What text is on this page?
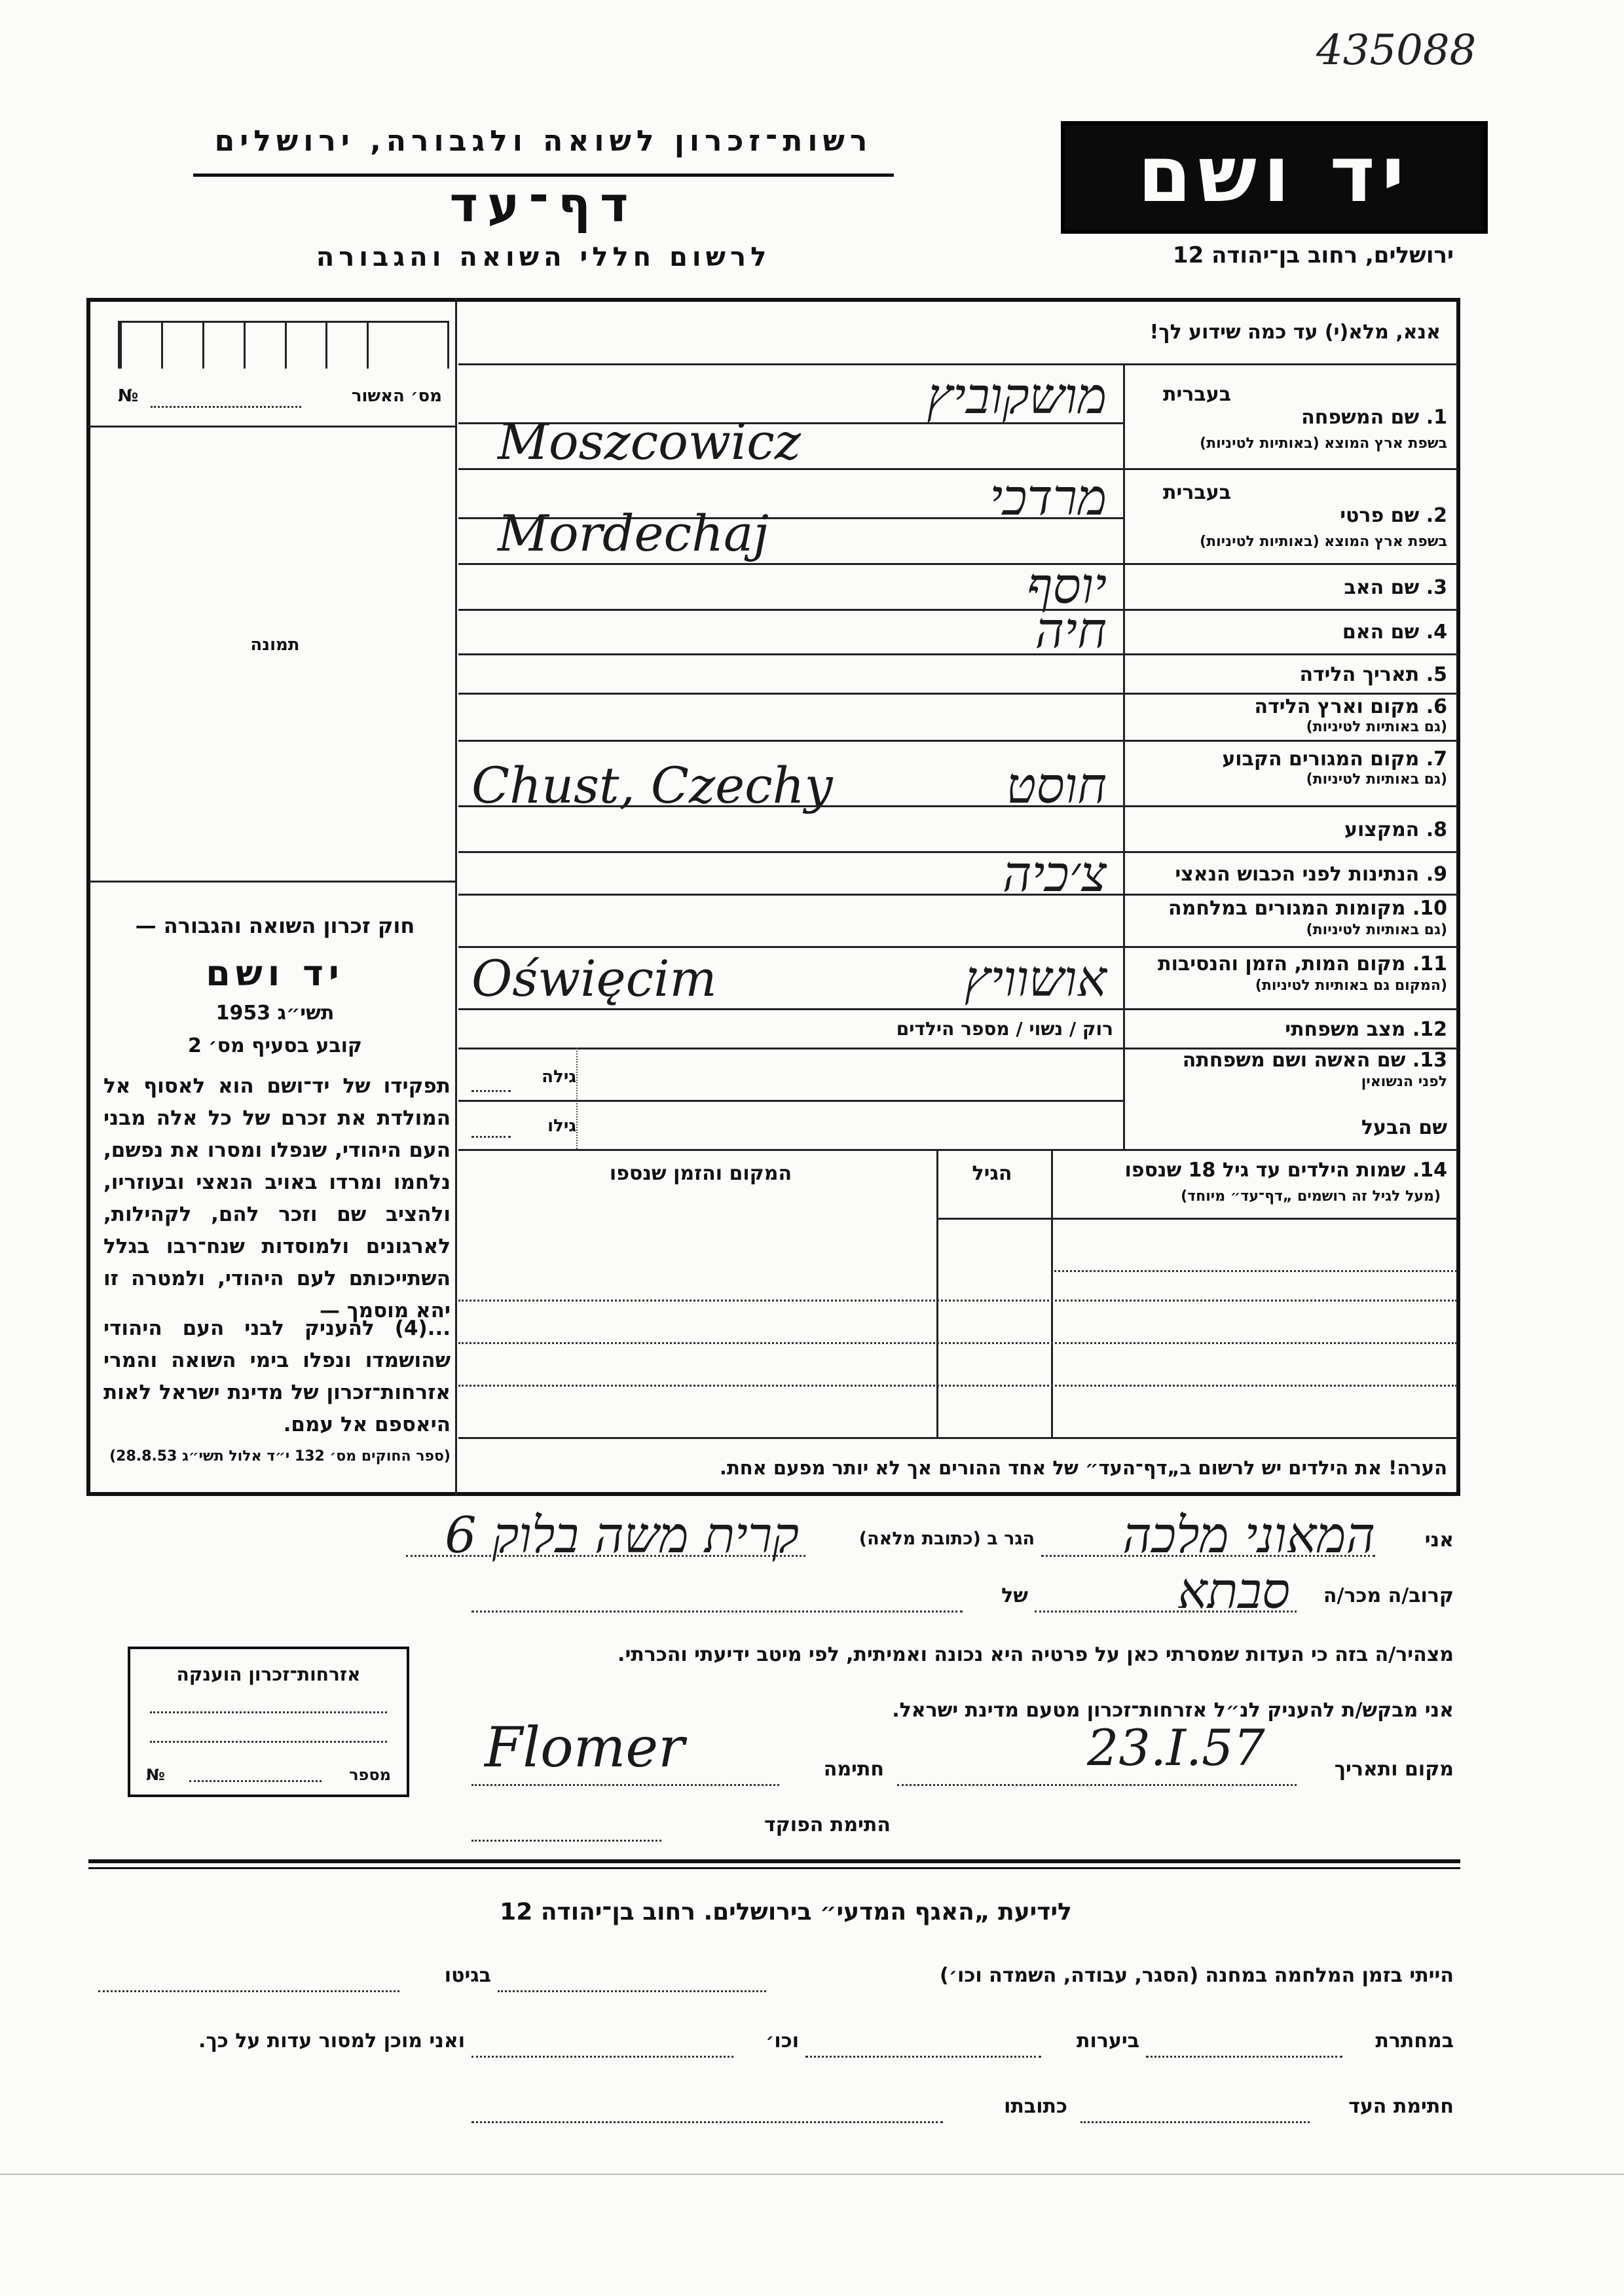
435088
רשות־זכרון לשואה ולגבורה, ירושלים
דף־עד
לרשום חללי השואה והגבורה
יד ושם
ירושלים, רחוב בן־יהודה 12
אנא, מלא(י) עד כמה שידוע לך!
מס׳ האשור
№
תמונה
חוק זכרון השואה והגבורה —
יד ושם
תשי״ג 1953
קובע בסעיף מס׳ 2
תפקידו של יד־ושם הוא לאסוף אל המולדת את זכרם של כל אלה מבני העם היהודי, שנפלו ומסרו את נפשם, נלחמו ומרדו באויב הנאצי ובעוזריו, ולהציב שם וזכר להם, לקהילות, לארגונים ולמוסדות שנח־רבו בגלל השתייכותם לעם היהודי, ולמטרה זו יהא מוסמך —
...(4) להעניק לבני העם היהודי שהושמדו ונפלו בימי השואה והמרי אזרחות־זכרון של מדינת ישראל לאות היאספם אל עמם.
(ספר החוקים מס׳ 132 י״ד אלול תשי״ג 28.8.53)
בעברית
1. שם המשפחה
בשפת ארץ המוצא (באותיות לטיניות)
מושקוביץ
Moszcowicz
בעברית
2. שם פרטי
בשפת ארץ המוצא (באותיות לטיניות)
מרדכי
Mordechaj
3. שם האב
יוסף
4. שם האם
חיה
5. תאריך הלידה
6. מקום וארץ הלידה
(גם באותיות לטיניות)
7. מקום המגורים הקבוע
(גם באותיות לטיניות)
חוסט
Chust, Czechy
8. המקצוע
9. הנתינות לפני הכבוש הנאצי
צ׳כיה
10. מקומות המגורים במלחמה
(גם באותיות לטיניות)
11. מקום המות, הזמן והנסיבות
(המקום גם באותיות לטיניות)
אושוויץ
Oświęcim
12. מצב משפחתי
רוק / נשוי / מספר הילדים
13. שם האשה ושם משפחתה
לפני הנשואין
גילה
שם הבעל
גילו
14. שמות הילדים עד גיל 18 שנספו
(מעל לגיל זה רושמים „דף־עד״ מיוחד)
הגיל
המקום והזמן שנספו
הערה! את הילדים יש לרשום ב„דף־העד״ של אחד ההורים אך לא יותר מפעם אחת.
אני
המאוני מלכה
הגר ב (כתובת מלאה)
קרית משה בלוק 6
קרוב/ה מכר/ה
סבתא
של
מצהיר/ה בזה כי העדות שמסרתי כאן על פרטיה היא נכונה ואמיתית, לפי מיטב ידיעתי והכרתי.
אני מבקש/ת להעניק לנ״ל אזרחות־זכרון מטעם מדינת ישראל.
מקום ותאריך
23.I.57
חתימה
Flomer
התימת הפוקד
אזרחות־זכרון הוענקה
מספר
№
לידיעת „האגף המדעי״ בירושלים. רחוב בן־יהודה 12
הייתי בזמן המלחמה במחנה (הסגר, עבודה, השמדה וכו׳)
בגיטו
במחתרת
ביערות
וכו׳
ואני מוכן למסור עדות על כך.
חתימת העד
כתובתו
